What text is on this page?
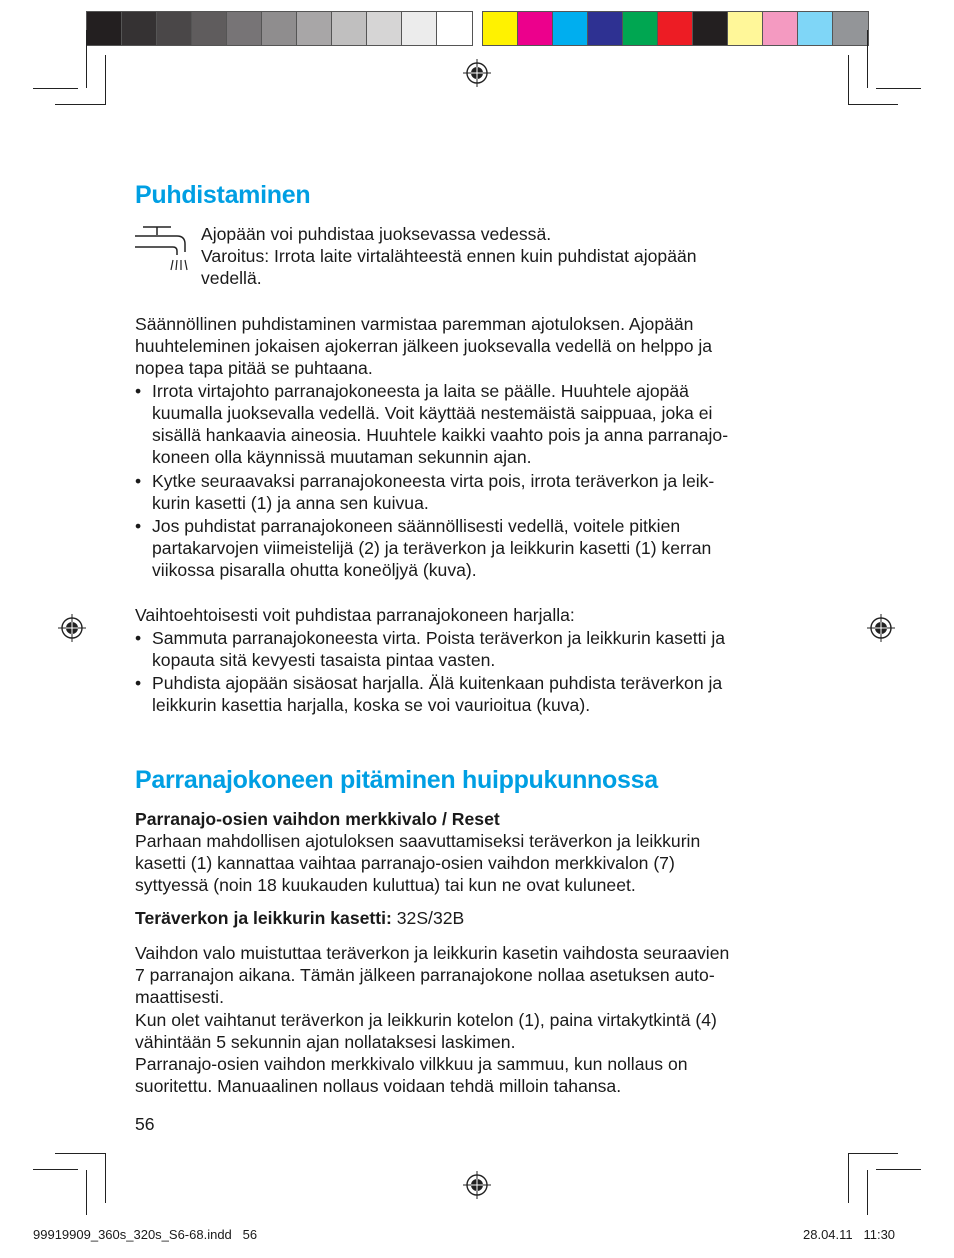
Puhdistaminen
Ajopään voi puhdistaa juoksevassa vedessä.
Varoitus: Irrota laite virtalähteestä ennen kuin puhdistat ajopään
vedellä.
Säännöllinen puhdistaminen varmistaa paremman ajotuloksen. Ajopään
huuhteleminen jokaisen ajokerran jälkeen juoksevalla vedellä on helppo ja
nopea tapa pitää se puhtaana.
• Irrota virtajohto parranajokoneesta ja laita se päälle. Huuhtele ajopää
kuumalla juoksevalla vedellä. Voit käyttää nestemäistä saippuaa, joka ei
sisällä hankaavia aineosia. Huuhtele kaikki vaahto pois ja anna parranajo-
koneen olla käynnissä muutaman sekunnin ajan.
• Kytke seuraavaksi parranajokoneesta virta pois, irrota teräverkon ja leik-
kurin kasetti (1) ja anna sen kuivua.
• Jos puhdistat parranajokoneen säännöllisesti vedellä, voitele pitkien
partakarvojen viimeistelijä (2) ja teräverkon ja leikkurin kasetti (1) kerran
viikossa pisaralla ohutta koneöljyä (kuva).
Vaihtoehtoisesti voit puhdistaa parranajokoneen harjalla:
• Sammuta parranajokoneesta virta. Poista teräverkon ja leikkurin kasetti ja
kopauta sitä kevyesti tasaista pintaa vasten.
• Puhdista ajopään sisäosat harjalla. Älä kuitenkaan puhdista teräverkon ja
leikkurin kasettia harjalla, koska se voi vaurioitua (kuva).
Parranajokoneen pitäminen huippukunnossa
Parranajo-osien vaihdon merkkivalo / Reset
Parhaan mahdollisen ajotuloksen saavuttamiseksi teräverkon ja leikkurin
kasetti (1) kannattaa vaihtaa parranajo-osien vaihdon merkkivalon (7)
syttyessä (noin 18 kuukauden kuluttua) tai kun ne ovat kuluneet.
Teräverkon ja leikkurin kasetti: 32S/32B
Vaihdon valo muistuttaa teräverkon ja leikkurin kasetin vaihdosta seuraavien
7 parranajon aikana. Tämän jälkeen parranajokone nollaa asetuksen auto-
maattisesti.
Kun olet vaihtanut teräverkon ja leikkurin kotelon (1), paina virtakytkintä (4)
vähintään 5 sekunnin ajan nollataksesi laskimen.
Parranajo-osien vaihdon merkkivalo vilkkuu ja sammuu, kun nollaus on
suoritettu. Manuaalinen nollaus voidaan tehdä milloin tahansa.
56
99919909_360s_320s_S6-68.indd   56	28.04.11   11:30
